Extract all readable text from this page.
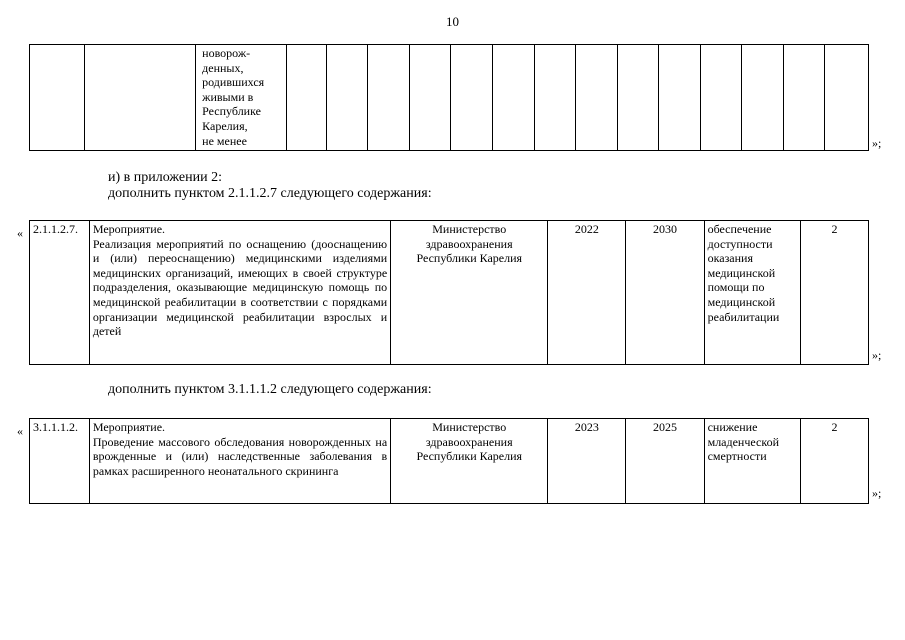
10
		новорож-
денных,
родившихся
живыми в
Республике
Карелия,
не менее															»;
и) в приложении 2:
дополнить пунктом 2.1.1.2.7 следующего содержания:
« 2.1.1.2.7.	Мероприятие.
Реализация мероприятий по оснащению (дооснащению и (или) переоснащению) медицинскими изделиями медицинских организаций, имеющих в своей структуре подразделения, оказывающие медицинскую помощь по медицинской реабилитации в соответствии с порядками организации медицинской реабилитации взрослых и детей
	Министерство
здравоохранения
Республики Карелия	2022	2030	обеспечение
доступности
оказания
медицинской
помощи по
медицинской
реабилитации	2
»;
дополнить пунктом 3.1.1.1.2 следующего содержания:
« 3.1.1.1.2.	Мероприятие.
Проведение массового обследования новорожденных на врожденные и (или) наследственные заболевания в рамках расширенного неонатального скрининга
	Министерство
здравоохранения
Республики Карелия	2023	2025	снижение
младенческой
смертности	2
»;
